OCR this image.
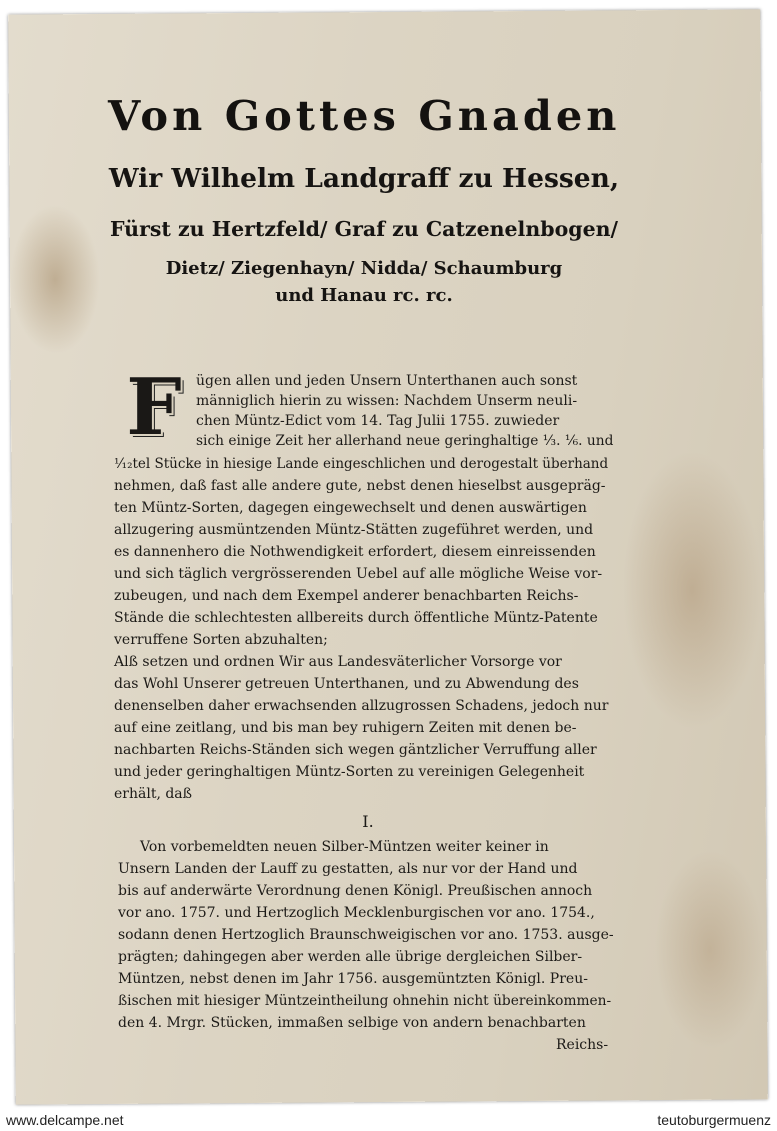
Von Gottes Gnaden
Wir Wilhelm Landgraff zu Hessen,
Fürst zu Hertzfeld/ Graf zu Catzenelnbogen/
Dietz/ Ziegenhayn/ Nidda/ Schaumburg
und Hanau rc. rc.
F	ügen allen und jeden Unsern Unterthanen auch sonst
männiglich hierin zu wissen: Nachdem Unserm neuli-
chen Müntz-Edict vom 14. Tag Julii 1755. zuwieder
sich einige Zeit her allerhand neue geringhaltige ⅓. ⅙. und
¹⁄₁₂tel Stücke in hiesige Lande eingeschlichen und derogestalt überhand
nehmen, daß fast alle andere gute, nebst denen hieselbst ausgepräg-
ten Müntz-Sorten, dagegen eingewechselt und denen auswärtigen
allzugering ausmüntzenden Müntz-Stätten zugeführet werden, und
es dannenhero die Nothwendigkeit erfordert, diesem einreissenden
und sich täglich vergrösserenden Uebel auf alle mögliche Weise vor-
zubeugen, und nach dem Exempel anderer benachbarten Reichs-
Stände die schlechtesten allbereits durch öffentliche Müntz-Patente
verruffene Sorten abzuhalten;
Alß setzen und ordnen Wir aus Landesväterlicher Vorsorge vor
das Wohl Unserer getreuen Unterthanen, und zu Abwendung des
denenselben daher erwachsenden allzugrossen Schadens, jedoch nur
auf eine zeitlang, und bis man bey ruhigern Zeiten mit denen be-
nachbarten Reichs-Ständen sich wegen gäntzlicher Verruffung aller
und jeder geringhaltigen Müntz-Sorten zu vereinigen Gelegenheit
erhält, daß
I.
Von vorbemeldten neuen Silber-Müntzen weiter keiner in
Unsern Landen der Lauff zu gestatten, als nur vor der Hand und
bis auf anderwärte Verordnung denen Königl. Preußischen annoch
vor ano. 1757. und Hertzoglich Mecklenburgischen vor ano. 1754.,
sodann denen Hertzoglich Braunschweigischen vor ano. 1753. ausge-
prägten; dahingegen aber werden alle übrige dergleichen Silber-
Müntzen, nebst denen im Jahr 1756. ausgemüntzten Königl. Preu-
ßischen mit hiesiger Müntzeintheilung ohnehin nicht übereinkommen-
den 4. Mrgr. Stücken, immaßen selbige von andern benachbarten
Reichs-
www.delcampe.net	teutoburgermuenz
